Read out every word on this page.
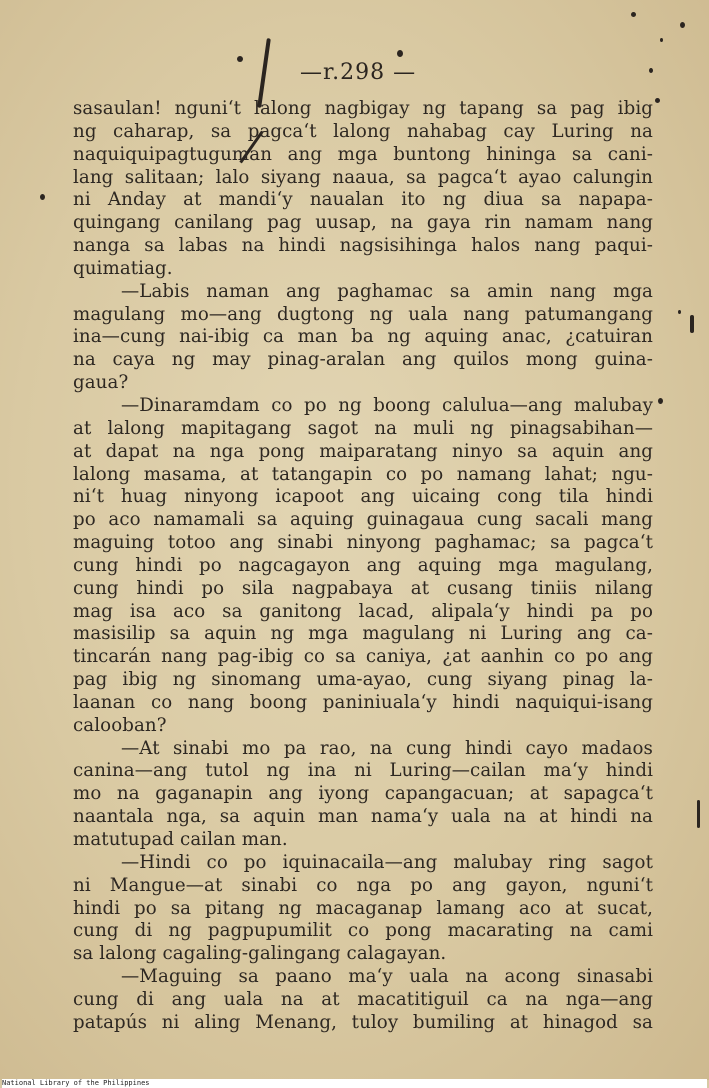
—r.298 —
sasaulan! nguni‘t lalong nagbigay ng tapang sa pag ibig
ng caharap, sa pagca‘t lalong nahabag cay Luring na
naquiquipagtuguman ang mga buntong hininga sa cani-
lang salitaan; lalo siyang naaua, sa pagca‘t ayao calungin
ni Anday at mandi‘y naualan ito ng diua sa napapa-
quingang canilang pag uusap, na gaya rin namam nang
nanga sa labas na hindi nagsisihinga halos nang paqui-
quimatiag.
—Labis naman ang paghamac sa amin nang mga
magulang mo—ang dugtong ng uala nang patumangang
ina—cung nai-ibig ca man ba ng aquing anac, ¿catuiran
na caya ng may pinag-aralan ang quilos mong guina-
gaua?
—Dinaramdam co po ng boong calulua—ang malubay
at lalong mapitagang sagot na muli ng pinagsabihan—
at dapat na nga pong maiparatang ninyo sa aquin ang
lalong masama, at tatangapin co po namang lahat; ngu-
ni‘t huag ninyong icapoot ang uicaing cong tila hindi
po aco namamali sa aquing guinagaua cung sacali mang
maguing totoo ang sinabi ninyong paghamac; sa pagca‘t
cung hindi po nagcagayon ang aquing mga magulang,
cung hindi po sila nagpabaya at cusang tiniis nilang
mag isa aco sa ganitong lacad, alipala‘y hindi pa po
masisilip sa aquin ng mga magulang ni Luring ang ca-
tincarán nang pag-ibig co sa caniya, ¿at aanhin co po ang
pag ibig ng sinomang uma-ayao, cung siyang pinag la-
laanan co nang boong paniniuala‘y hindi naquiqui-isang
calooban?
—At sinabi mo pa rao, na cung hindi cayo madaos
canina—ang tutol ng ina ni Luring—cailan ma‘y hindi
mo na gaganapin ang iyong capangacuan; at sapagca‘t
naantala nga, sa aquin man nama‘y uala na at hindi na
matutupad cailan man.
—Hindi co po iquinacaila—ang malubay ring sagot
ni Mangue—at sinabi co nga po ang gayon, nguni‘t
hindi po sa pitang ng macaganap lamang aco at sucat,
cung di ng pagpupumilit co pong macarating na cami
sa lalong cagaling-galingang calagayan.
—Maguing sa paano ma‘y uala na acong sinasabi
cung di ang uala na at macatitiguil ca na nga—ang
patapús ni aling Menang, tuloy bumiling at hinagod sa
National Library of the Philippines
